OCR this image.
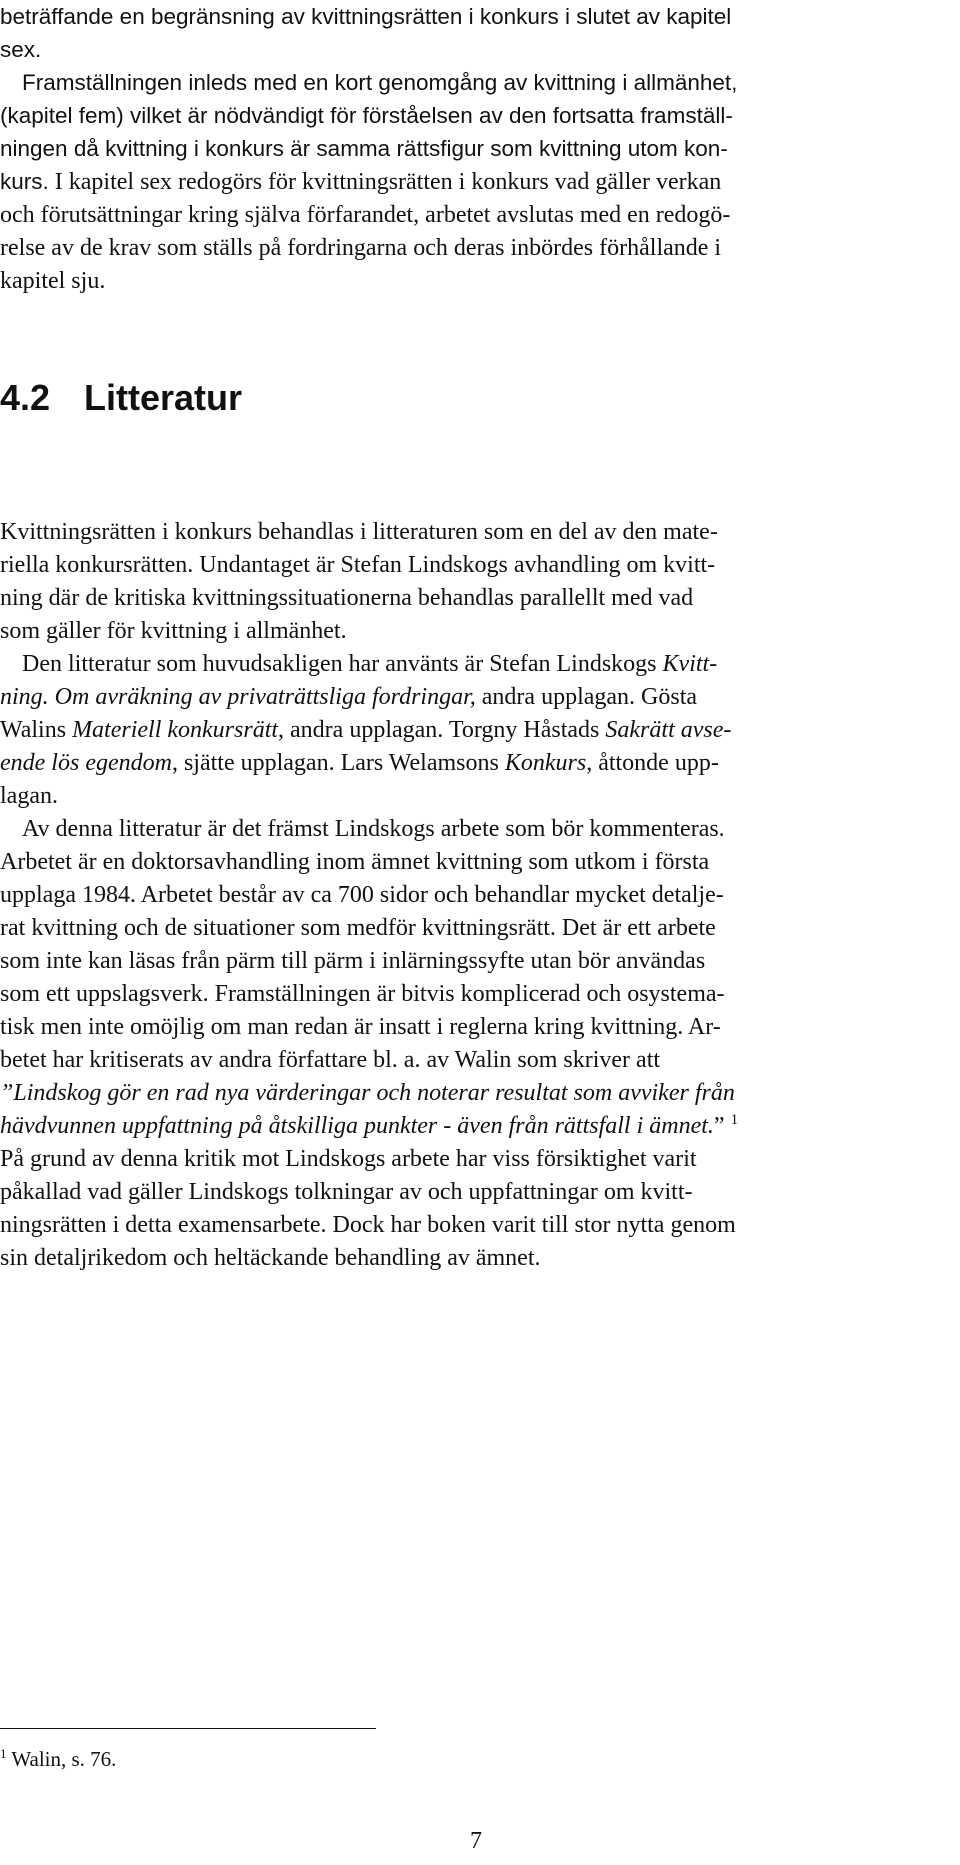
beträffande en begränsning av kvittningsrätten i konkurs i slutet av kapitel
sex.
Framställningen inleds med en kort genomgång av kvittning i allmänhet,
(kapitel fem) vilket är nödvändigt för förståelsen av den fortsatta framställ-
ningen då kvittning i konkurs är samma rättsfigur som kvittning utom kon-
kurs. I kapitel sex redogörs för kvittningsrätten i konkurs vad gäller verkan
och förutsättningar kring själva förfarandet, arbetet avslutas med en redogö-
relse av de krav som ställs på fordringarna och deras inbördes förhållande i
kapitel sju.
4.2 Litteratur
Kvittningsrätten i konkurs behandlas i litteraturen som en del av den mate-
riella konkursrätten. Undantaget är Stefan Lindskogs avhandling om kvitt-
ning där de kritiska kvittningssituationerna behandlas parallellt med vad
som gäller för kvittning i allmänhet.
Den litteratur som huvudsakligen har använts är Stefan Lindskogs Kvitt-
ning. Om avräkning av privaträttsliga fordringar, andra upplagan. Gösta
Walins Materiell konkursrätt, andra upplagan. Torgny Håstads Sakrätt avse-
ende lös egendom, sjätte upplagan. Lars Welamsons Konkurs, åttonde upp-
lagan.
Av denna litteratur är det främst Lindskogs arbete som bör kommenteras.
Arbetet är en doktorsavhandling inom ämnet kvittning som utkom i första
upplaga 1984. Arbetet består av ca 700 sidor och behandlar mycket detalje-
rat kvittning och de situationer som medför kvittningsrätt. Det är ett arbete
som inte kan läsas från pärm till pärm i inlärningssyfte utan bör användas
som ett uppslagsverk. Framställningen är bitvis komplicerad och osystema-
tisk men inte omöjlig om man redan är insatt i reglerna kring kvittning. Ar-
betet har kritiserats av andra författare bl. a. av Walin som skriver att
”Lindskog gör en rad nya värderingar och noterar resultat som avviker från
hävdvunnen uppfattning på åtskilliga punkter - även från rättsfall i ämnet.” $^1$
På grund av denna kritik mot Lindskogs arbete har viss försiktighet varit
påkallad vad gäller Lindskogs tolkningar av och uppfattningar om kvitt-
ningsrätten i detta examensarbete. Dock har boken varit till stor nytta genom
sin detaljrikedom och heltäckande behandling av ämnet.
$^1$ Walin, s. 76.
7
